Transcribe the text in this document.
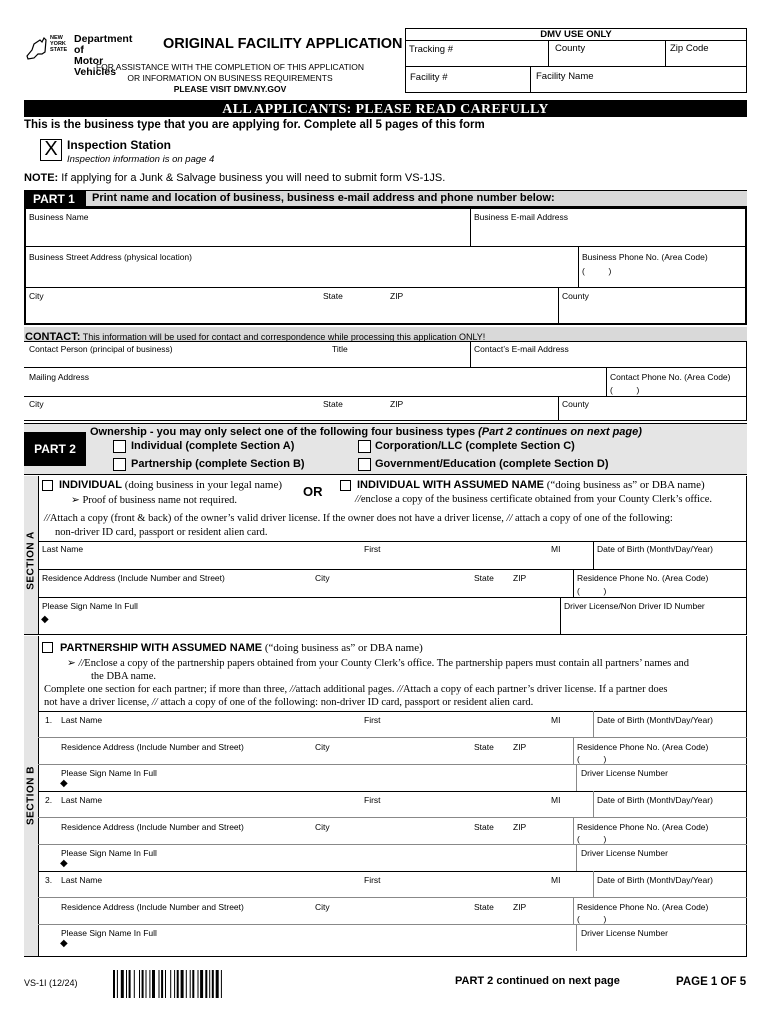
NEW YORK STATE
Department of
Motor Vehicles
ORIGINAL FACILITY APPLICATION
FOR ASSISTANCE WITH THE COMPLETION OF THIS APPLICATION
OR INFORMATION ON BUSINESS REQUIREMENTS
PLEASE VISIT DMV.NY.GOV
DMV USE ONLY
Tracking #	County	Zip Code
Facility #	Facility Name
ALL APPLICANTS: PLEASE READ CAREFULLY
This is the business type that you are applying for. Complete all 5 pages of this form
X Inspection Station
Inspection information is on page 4
NOTE: If applying for a Junk & Salvage business you will need to submit form VS-1JS.
PART 1	Print name and location of business, business e-mail address and phone number below:
Business Name	Business E-mail Address
Business Street Address (physical location)	Business Phone No. (Area Code)
(          )
City	State	ZIP	County
CONTACT: This information will be used for contact and correspondence while processing this application ONLY!
Contact Person (principal of business)	Title	Contact’s E-mail Address
Mailing Address	Contact Phone No. (Area Code)
(          )
City	State	ZIP	County
PART 2
Ownership - you may only select one of the following four business types (Part 2 continues on next page)
Individual (complete Section A)	Corporation/LLC (complete Section C)
Partnership (complete Section B)	Government/Education (complete Section D)
SECTION A
INDIVIDUAL (doing business in your legal name) OR	INDIVIDUAL WITH ASSUMED NAME (“doing business as” or DBA name)
➢ Proof of business name not required.	//enclose a copy of the business certificate obtained from your County Clerk’s office.
//Attach a copy (front & back) of the owner’s valid driver license. If the owner does not have a driver license, // attach a copy of one of the following:
non-driver ID card, passport or resident alien card.
Last Name	First	MI	Date of Birth (Month/Day/Year)
Residence Address (Include Number and Street)	City	State ZIP	Residence Phone No. (Area Code)
(          )
Please Sign Name In Full
◆
Driver License/Non Driver ID Number
SECTION B
PARTNERSHIP WITH ASSUMED NAME (“doing business as” or DBA name)
➢ //Enclose a copy of the partnership papers obtained from your County Clerk’s office. The partnership papers must contain all partners’ names and
the DBA name.
Complete one section for each partner; if more than three, //attach additional pages. //Attach a copy of each partner’s driver license. If a partner does
not have a driver license, // attach a copy of one of the following: non-driver ID card, passport or resident alien card.
1. Last Name	First	MI	Date of Birth (Month/Day/Year)
Residence Address (Include Number and Street)	City	State ZIP	Residence Phone No. (Area Code)
(          )
Please Sign Name In Full
◆
Driver License Number
2. Last Name	First	MI	Date of Birth (Month/Day/Year)
Residence Address (Include Number and Street)	City	State ZIP	Residence Phone No. (Area Code)
(          )
Please Sign Name In Full
◆
Driver License Number
3. Last Name	First	MI	Date of Birth (Month/Day/Year)
Residence Address (Include Number and Street)	City	State ZIP	Residence Phone No. (Area Code)
(          )
Please Sign Name In Full
◆
Driver License Number
VS-1I (12/24)	PART 2 continued on next page	PAGE 1 OF 5
